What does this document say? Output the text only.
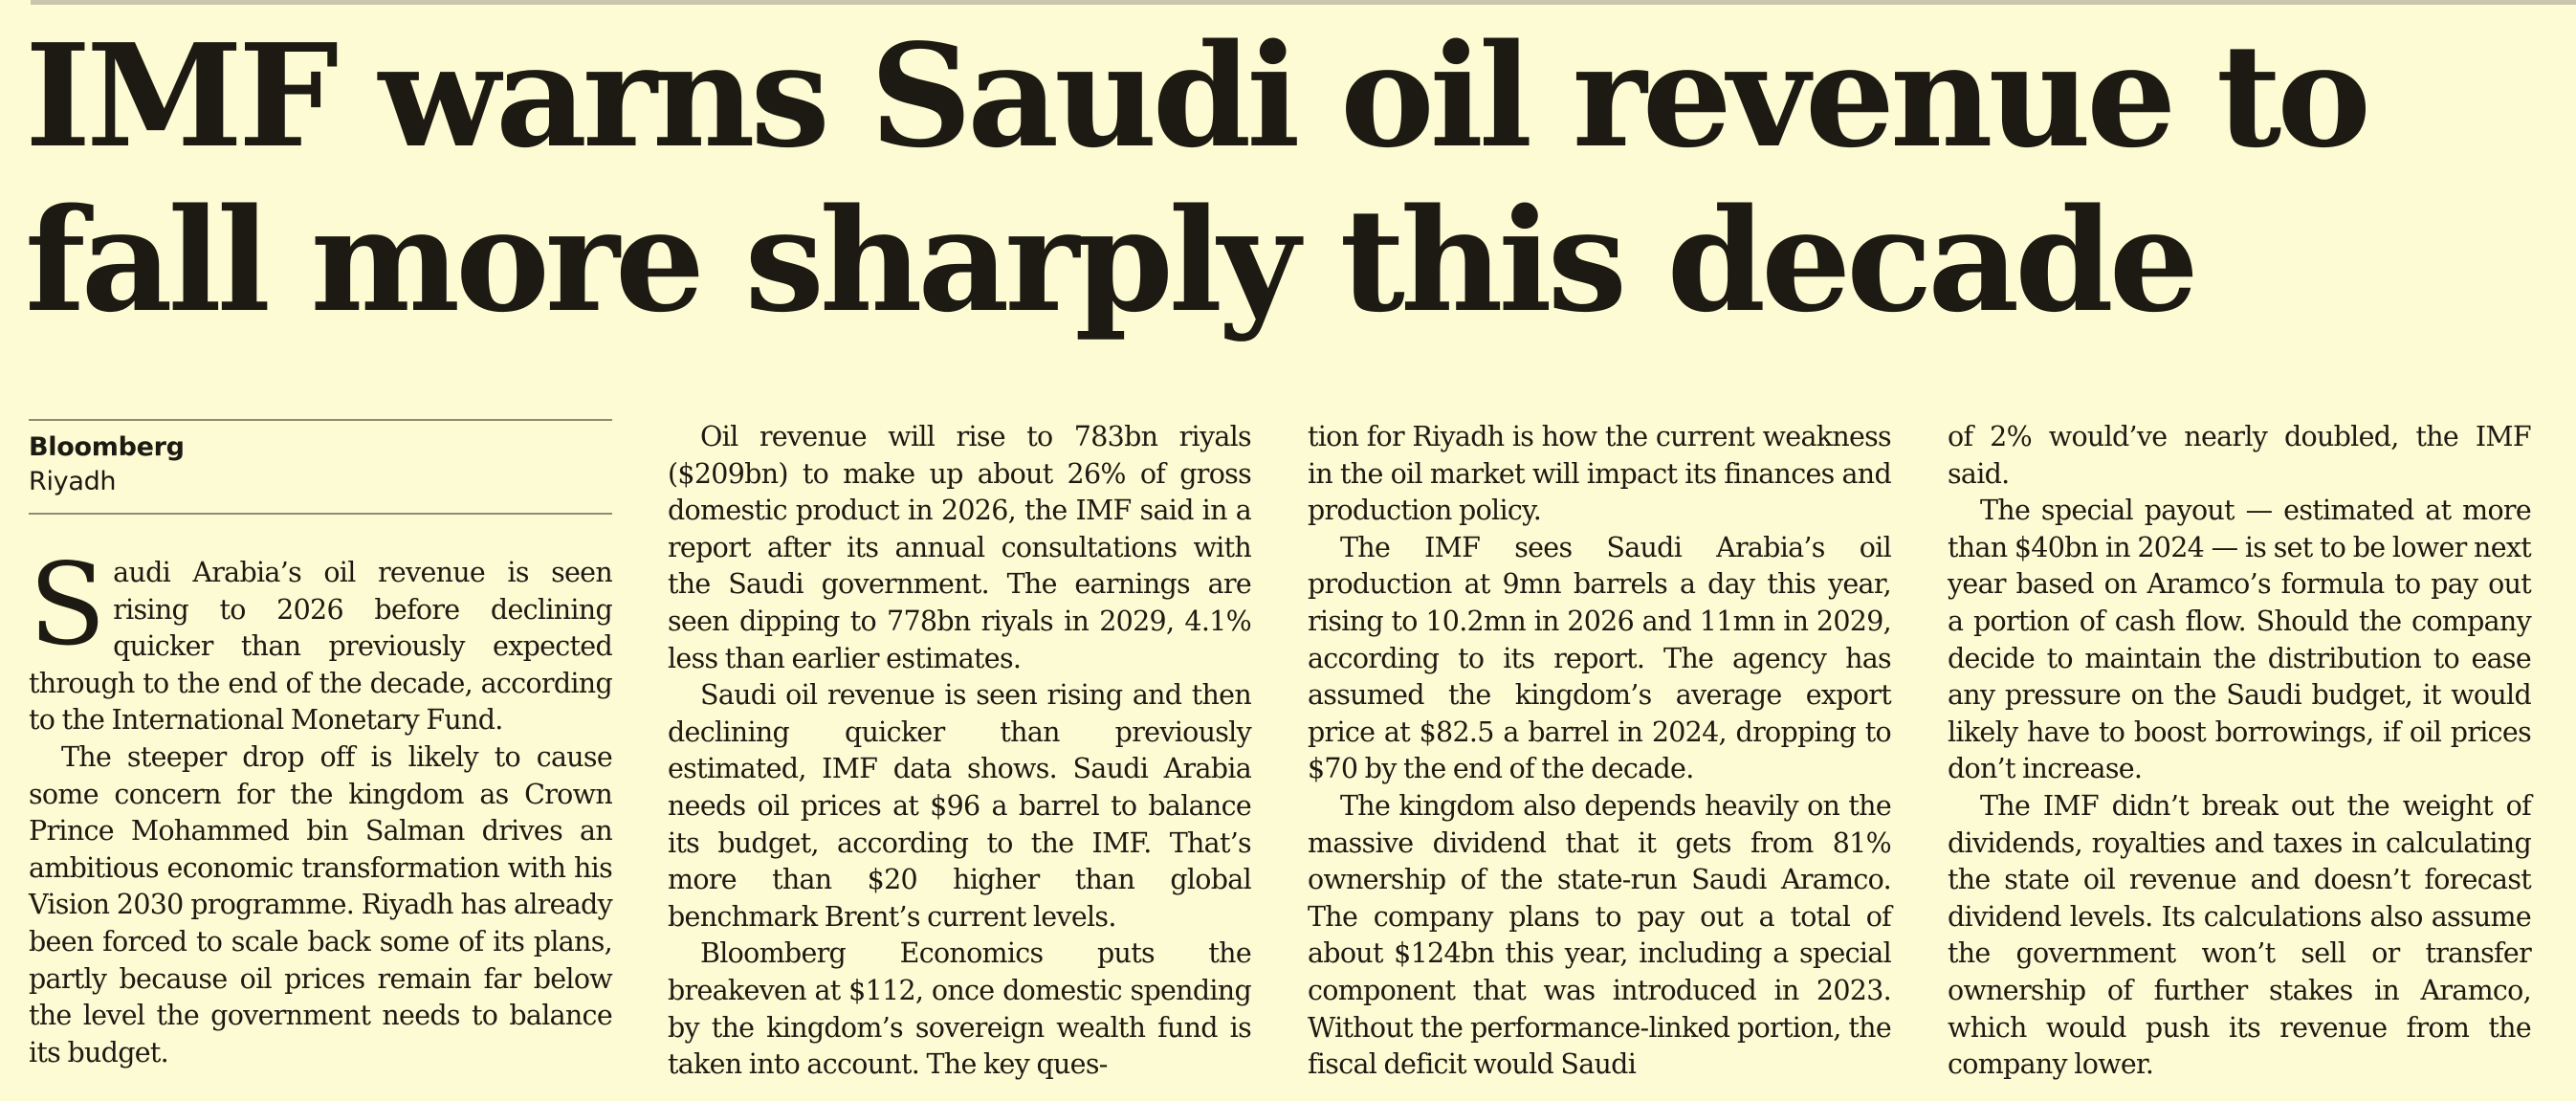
IMF warns Saudi oil revenue to
fall more sharply this decade
Bloomberg
Riyadh

Saudi Arabia’s oil revenue is seen rising to 2026 before declining quicker than previously expected through to the end of the decade, according to the International Monetary Fund.

The steeper drop off is likely to cause some concern for the kingdom as Crown Prince Mohammed bin Salman drives an ambitious economic transformation with his Vision 2030 programme. Riyadh has already been forced to scale back some of its plans, partly because oil prices remain far below the level the government needs to balance its budget.

Oil revenue will rise to 783bn riyals ($209bn) to make up about 26% of gross domestic product in 2026, the IMF said in a report after its annual consultations with the Saudi government. The earnings are seen dipping to 778bn riyals in 2029, 4.1% less than earlier estimates.

Saudi oil revenue is seen rising and then declining quicker than previously estimated, IMF data shows. Saudi Arabia needs oil prices at $96 a barrel to balance its budget, according to the IMF. That’s more than $20 higher than global benchmark Brent’s current levels.

Bloomberg Economics puts the breakeven at $112, once domestic spending by the kingdom’s sovereign wealth fund is taken into account. The key ques-

tion for Riyadh is how the current weakness in the oil market will impact its finances and production policy.

The IMF sees Saudi Arabia’s oil production at 9mn barrels a day this year, rising to 10.2mn in 2026 and 11mn in 2029, according to its report. The agency has assumed the kingdom’s average export price at $82.5 a barrel in 2024, dropping to $70 by the end of the decade.

The kingdom also depends heavily on the massive dividend that it gets from 81% ownership of the state-run Saudi Aramco. The company plans to pay out a total of about $124bn this year, including a special component that was introduced in 2023. Without the performance-linked portion, the fiscal deficit would Saudi

of 2% would’ve nearly doubled, the IMF said.

The special payout — estimated at more than $40bn in 2024 — is set to be lower next year based on Aramco’s formula to pay out a portion of cash flow. Should the company decide to maintain the distribution to ease any pressure on the Saudi budget, it would likely have to boost borrowings, if oil prices don’t increase.

The IMF didn’t break out the weight of dividends, royalties and taxes in calculating the state oil revenue and doesn’t forecast dividend levels. Its calculations also assume the government won’t sell or transfer ownership of further stakes in Aramco, which would push its revenue from the company lower.
